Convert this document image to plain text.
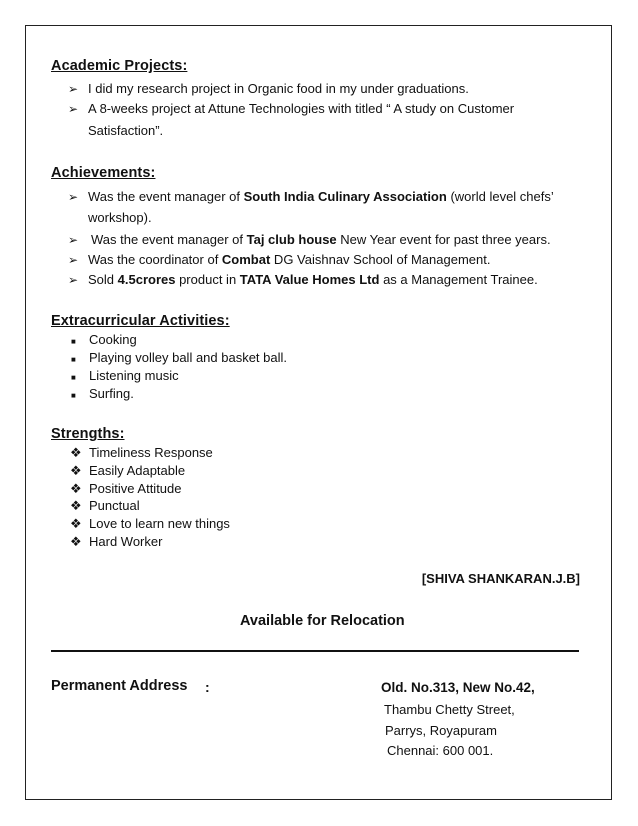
Academic Projects:
➢ I did my research project in Organic food in my under graduations.
➢ A 8-weeks project at Attune Technologies with titled “ A study on Customer
Satisfaction”.
Achievements:
➢ Was the event manager of South India Culinary Association (world level chefs’
workshop).
➢ Was the event manager of Taj club house New Year event for past three years.
➢ Was the coordinator of Combat DG Vaishnav School of Management.
➢ Sold 4.5crores product in TATA Value Homes Ltd as a Management Trainee.
Extracurricular Activities:
■ Cooking
■ Playing volley ball and basket ball.
■ Listening music
■ Surfing.
Strengths:
❖ Timeliness Response
❖ Easily Adaptable
❖ Positive Attitude
❖ Punctual
❖ Love to learn new things
❖ Hard Worker
[SHIVA SHANKARAN.J.B]
Available for Relocation
Permanent Address :	Old. No.313, New No.42,
Thambu Chetty Street,
Parrys, Royapuram
Chennai: 600 001.
